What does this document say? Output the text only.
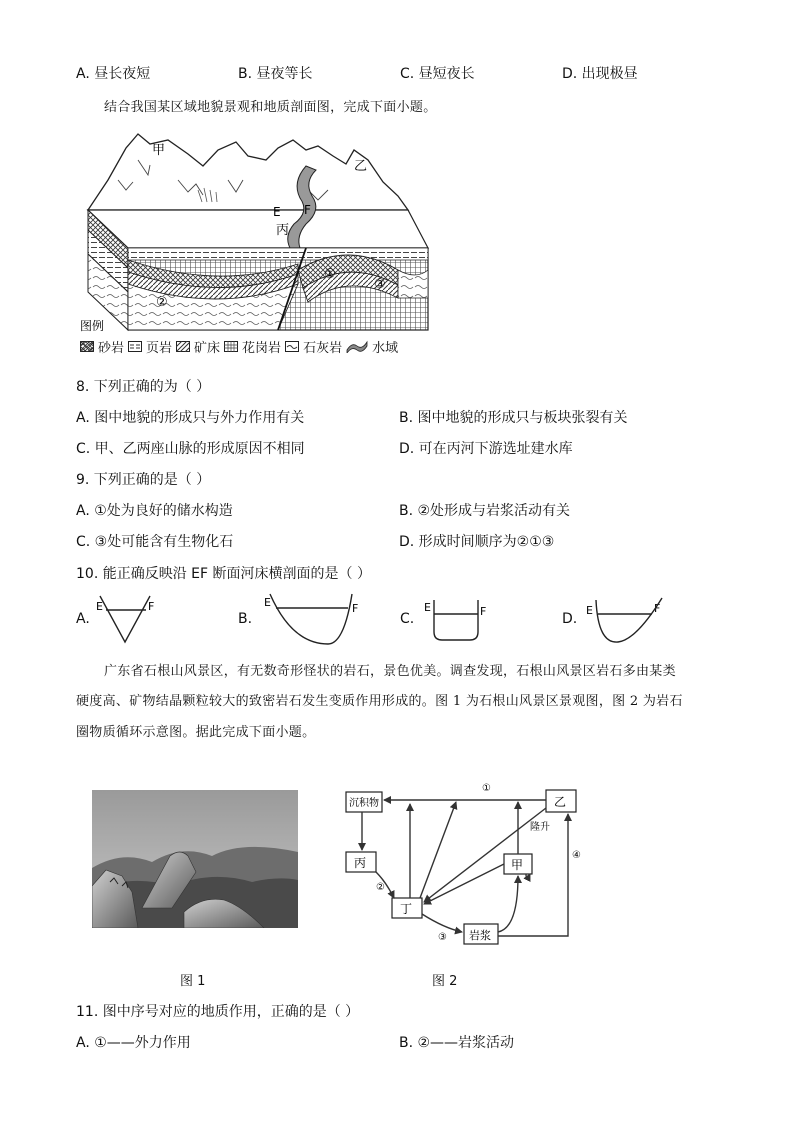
A. 昼长夜短	B. 昼夜等长	C. 昼短夜长	D. 出现极昼
结合我国某区域地貌景观和地质剖面图，完成下面小题。
甲
乙
E F
丙
①
②
③
图例
砂岩 页岩 矿床 花岗岩 石灰岩 水域
8. 下列正确的为（ ）
A. 图中地貌的形成只与外力作用有关	B. 图中地貌的形成只与板块张裂有关
C. 甲、乙两座山脉的形成原因不相同	D. 可在丙河下游选址建水库
9. 下列正确的是（ ）
A. ①处为良好的储水构造	B. ②处形成与岩浆活动有关
C. ③处可能含有生物化石	D. 形成时间顺序为②①③
10. 能正确反映沿 EF 断面河床横剖面的是（ ）
A.
E	F
B.
E	F
C.
E	F	D.
E	F
广东省石根山风景区，有无数奇形怪状的岩石，景色优美。调查发现，石根山风景区岩石多由某类
硬度高、矿物结晶颗粒较大的致密岩石发生变质作用形成的。图 1 为石根山风景区景观图，图 2 为岩石
圈物质循环示意图。据此完成下面小题。
沉积物	乙
丙	甲
丁
岩浆
①
②
③
④
隆升
图 1	图 2
11. 图中序号对应的地质作用，正确的是（ ）
A. ①——外力作用	B. ②——岩浆活动
